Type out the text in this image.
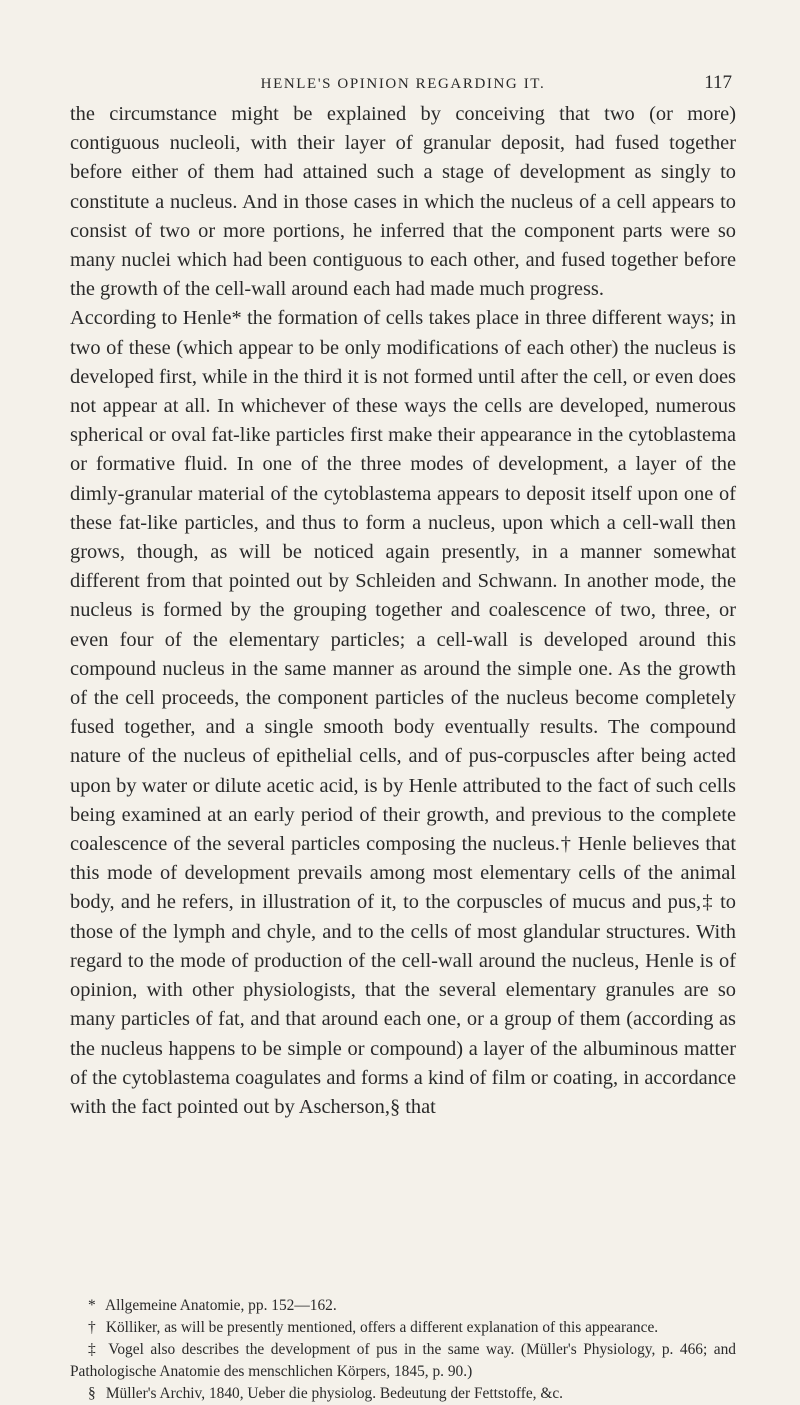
HENLE'S OPINION REGARDING IT.	117

the circumstance might be explained by conceiving that two (or more) contiguous nucleoli, with their layer of granular deposit, had fused together before either of them had attained such a stage of development as singly to constitute a nucleus. And in those cases in which the nucleus of a cell appears to consist of two or more portions, he inferred that the component parts were so many nuclei which had been contiguous to each other, and fused together before the growth of the cell-wall around each had made much progress.

According to Henle* the formation of cells takes place in three different ways; in two of these (which appear to be only modifications of each other) the nucleus is developed first, while in the third it is not formed until after the cell, or even does not appear at all. In whichever of these ways the cells are developed, numerous spherical or oval fat-like particles first make their appearance in the cytoblastema or formative fluid. In one of the three modes of development, a layer of the dimly-granular material of the cytoblastema appears to deposit itself upon one of these fat-like particles, and thus to form a nucleus, upon which a cell-wall then grows, though, as will be noticed again presently, in a manner somewhat different from that pointed out by Schleiden and Schwann. In another mode, the nucleus is formed by the grouping together and coalescence of two, three, or even four of the elementary particles; a cell-wall is developed around this compound nucleus in the same manner as around the simple one. As the growth of the cell proceeds, the component particles of the nucleus become completely fused together, and a single smooth body eventually results. The compound nature of the nucleus of epithelial cells, and of pus-corpuscles after being acted upon by water or dilute acetic acid, is by Henle attributed to the fact of such cells being examined at an early period of their growth, and previous to the complete coalescence of the several particles composing the nucleus.† Henle believes that this mode of development prevails among most elementary cells of the animal body, and he refers, in illustration of it, to the corpuscles of mucus and pus,‡ to those of the lymph and chyle, and to the cells of most glandular structures. With regard to the mode of production of the cell-wall around the nucleus, Henle is of opinion, with other physiologists, that the several elementary granules are so many particles of fat, and that around each one, or a group of them (according as the nucleus happens to be simple or compound) a layer of the albuminous matter of the cytoblastema coagulates and forms a kind of film or coating, in accordance with the fact pointed out by Ascherson,§ that

* Allgemeine Anatomie, pp. 152—162.
† Kölliker, as will be presently mentioned, offers a different explanation of this appearance.
‡ Vogel also describes the development of pus in the same way. (Müller's Physiology, p. 466; and Pathologische Anatomie des menschlichen Körpers, 1845, p. 90.)
§ Müller's Archiv, 1840, Ueber die physiolog. Bedeutung der Fettstoffe, &c.
